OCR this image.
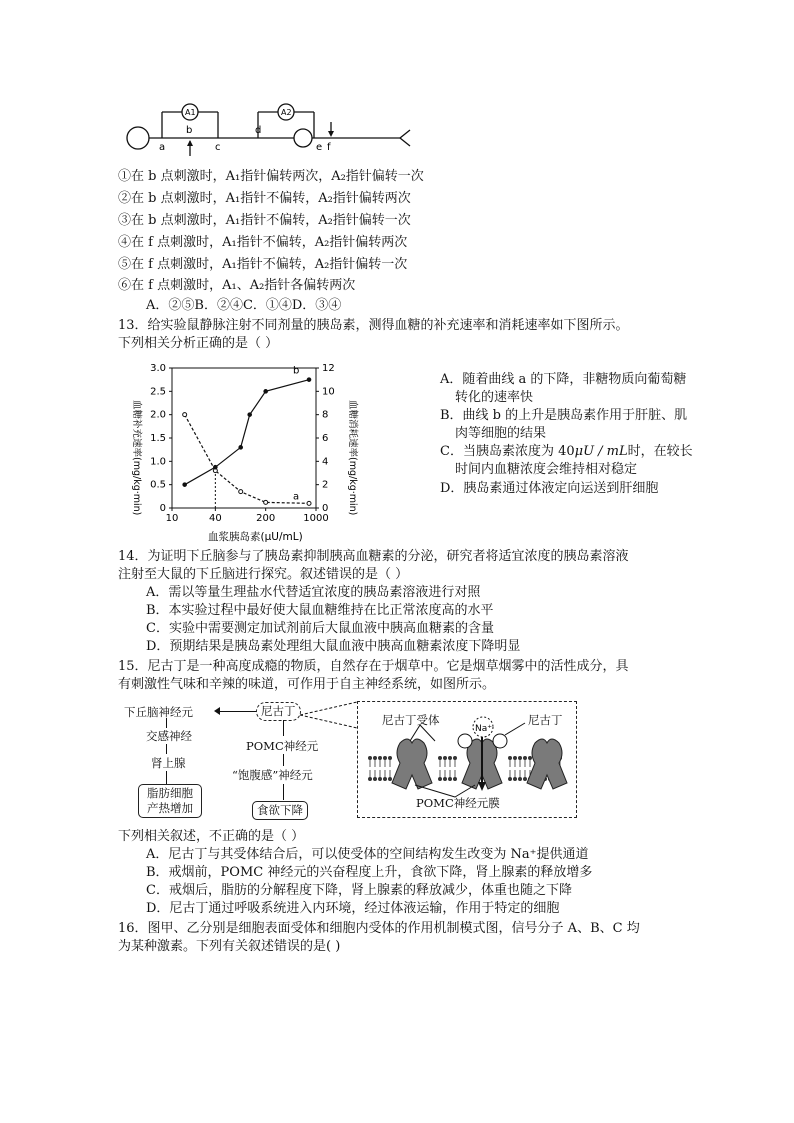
A1	A2
a
b
c
d
e f
①在 b 点刺激时，A₁指针偏转两次，A₂指针偏转一次
②在 b 点刺激时，A₁指针不偏转，A₂指针偏转两次
③在 b 点刺激时，A₁指针不偏转，A₂指针偏转一次
④在 f 点刺激时，A₁指针不偏转，A₂指针偏转两次
⑤在 f 点刺激时，A₁指针不偏转，A₂指针偏转一次
⑥在 f 点刺激时，A₁、A₂指针各偏转两次
A．②⑤B．②④C．①④D．③④
13．给实验鼠静脉注射不同剂量的胰岛素，测得血糖的补充速率和消耗速率如下图所示。
下列相关分析正确的是（ ）
0
0.5
1.0
1.5
2.0
2.5
3.0
0
2
4
6
8
10
12
10	40	200	1000
a
b
血糖补充速率(mg/kg·min)	血糖消耗速率(mg/kg·min)
血浆胰岛素(μU/mL)
A．随着曲线 a 的下降，非糖物质向葡萄糖
转化的速率快
B．曲线 b 的上升是胰岛素作用于肝脏、肌
肉等细胞的结果
C．当胰岛素浓度为 40μU / mL时，在较长
时间内血糖浓度会维持相对稳定
D．胰岛素通过体液定向运送到肝细胞
14．为证明下丘脑参与了胰岛素抑制胰高血糖素的分泌，研究者将适宜浓度的胰岛素溶液
注射至大鼠的下丘脑进行探究。叙述错误的是（ ）
A．需以等量生理盐水代替适宜浓度的胰岛素溶液进行对照
B．本实验过程中最好使大鼠血糖维持在比正常浓度高的水平
C．实验中需要测定加试剂前后大鼠血液中胰高血糖素的含量
D．预期结果是胰岛素处理组大鼠血液中胰高血糖素浓度下降明显
15．尼古丁是一种高度成瘾的物质，自然存在于烟草中。它是烟草烟雾中的活性成分，具
有刺激性气味和辛辣的味道，可作用于自主神经系统，如图所示。
下丘脑神经元	尼古丁
交感神经
肾上腺
脂肪细胞
产热增加
POMC神经元
“饱腹感”神经元
食欲下降
Na⁺
尼古丁受体	尼古丁
POMC神经元膜
下列相关叙述，不正确的是（ ）
A．尼古丁与其受体结合后，可以使受体的空间结构发生改变为 Na⁺提供通道
B．戒烟前，POMC 神经元的兴奋程度上升，食欲下降，肾上腺素的释放增多
C．戒烟后，脂肪的分解程度下降，肾上腺素的释放减少，体重也随之下降
D．尼古丁通过呼吸系统进入内环境，经过体液运输，作用于特定的细胞
16．图甲、乙分别是细胞表面受体和细胞内受体的作用机制模式图，信号分子 A、B、C 均
为某种激素。下列有关叙述错误的是( )
